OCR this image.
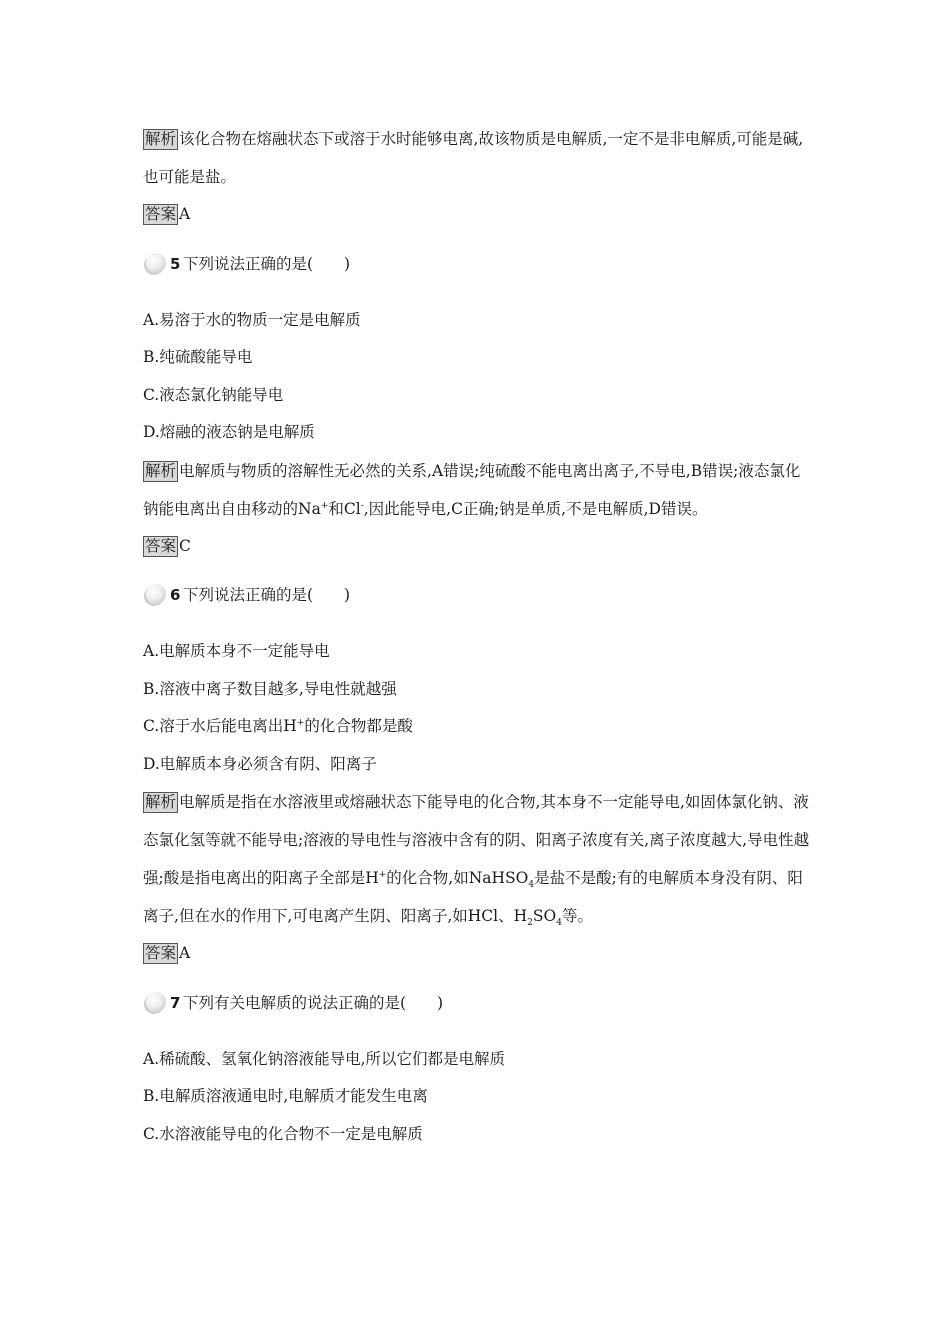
解析 该化合物在熔融状态下或溶于水时能够电离,故该物质是电解质,一定不是非电解质,可能是碱,也可能是盐。

答案 A

5 下列说法正确的是(　　)

A.易溶于水的物质一定是电解质

B.纯硫酸能导电

C.液态氯化钠能导电

D.熔融的液态钠是电解质

解析 电解质与物质的溶解性无必然的关系,A错误;纯硫酸不能电离出离子,不导电,B错误;液态氯化钠能电离出自由移动的Na+和Cl-,因此能导电,C正确;钠是单质,不是电解质,D错误。

答案 C

6 下列说法正确的是(　　)

A.电解质本身不一定能导电

B.溶液中离子数目越多,导电性就越强

C.溶于水后能电离出H+的化合物都是酸

D.电解质本身必须含有阴、阳离子

解析 电解质是指在水溶液里或熔融状态下能导电的化合物,其本身不一定能导电,如固体氯化钠、液态氯化氢等就不能导电;溶液的导电性与溶液中含有的阴、阳离子浓度有关,离子浓度越大,导电性越强;酸是指电离出的阳离子全部是H+的化合物,如NaHSO$_4$是盐不是酸;有的电解质本身没有阴、阳离子,但在水的作用下,可电离产生阴、阳离子,如HCl、$H_2SO_4$等。

答案 A

7 下列有关电解质的说法正确的是(　　)

A.稀硫酸、氢氧化钠溶液能导电,所以它们都是电解质

B.电解质溶液通电时,电解质才能发生电离

C.水溶液能导电的化合物不一定是电解质
